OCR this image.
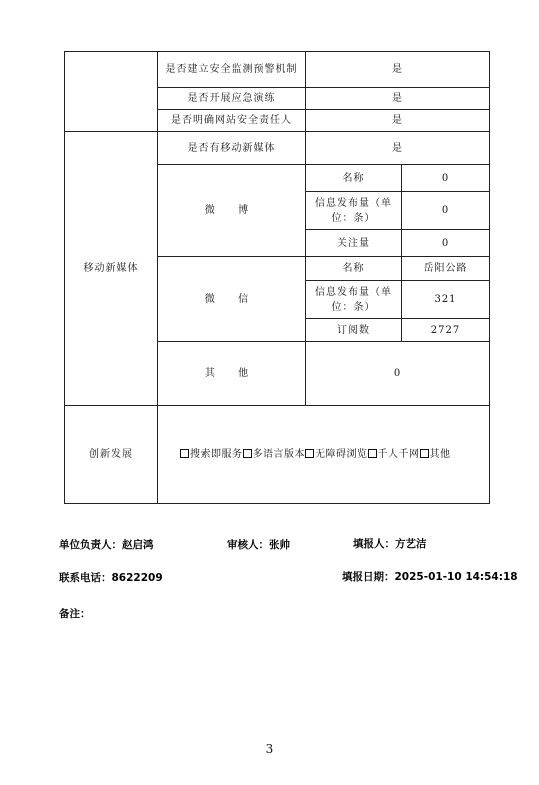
	是否建立安全监测预警机制	是	
	是否开展应急演练	是	
	是否明确网站安全责任人	是	
移动新媒体	是否有移动新媒体	是	
	微 博	名称	0
		信息发布量（单位：条）	0
		关注量	0
	微 信	名称	岳阳公路
		信息发布量（单位：条）	321
		订阅数	2727
	其 他	0	
创新发展	搜索即服务 多语言版本 无障碍浏览 千人千网 其他		
单位负责人：赵启鸿	审核人：张帅	填报人：方艺洁
联系电话：8622209	填报日期：2025-01-10 14:54:18
备注：
3
